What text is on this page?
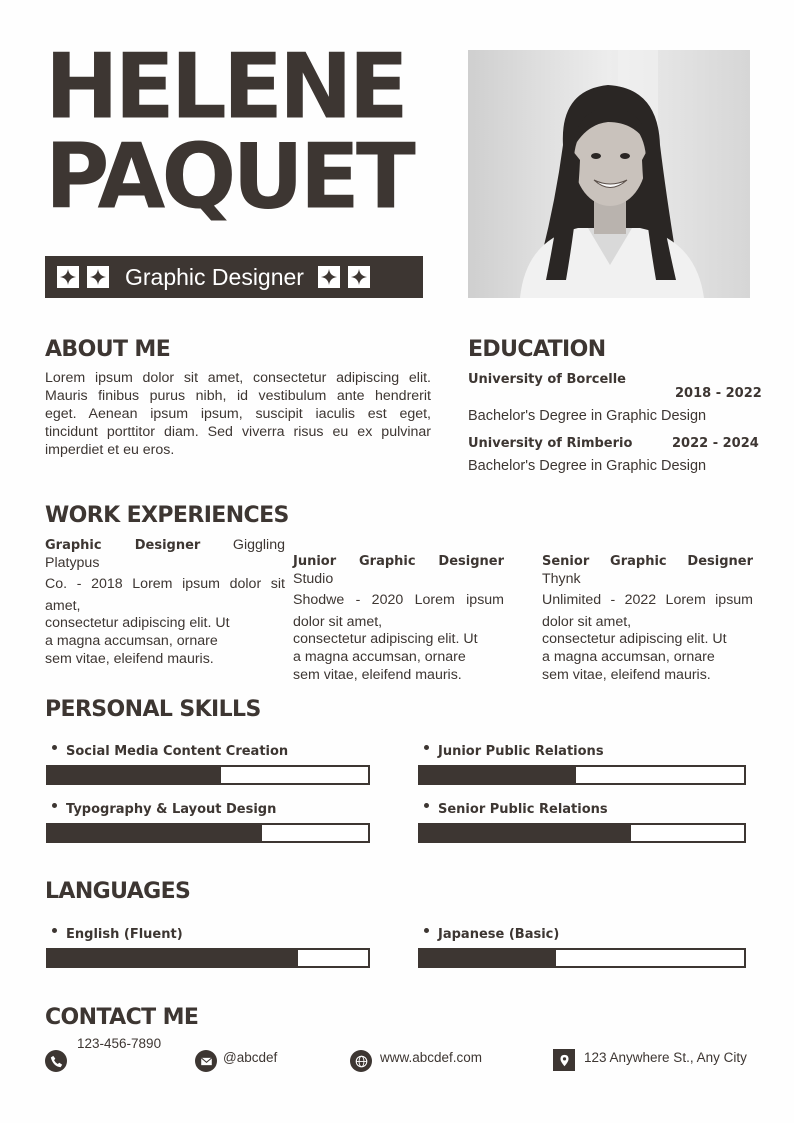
HELENE
PAQUET
Graphic Designer
ABOUT ME
Lorem ipsum dolor sit amet, consectetur adipiscing elit.
Mauris finibus purus nibh, id vestibulum ante hendrerit
eget. Aenean ipsum ipsum, suscipit iaculis est eget,
tincidunt porttitor diam. Sed viverra risus eu ex pulvinar
imperdiet et eu eros.
EDUCATION
University of Borcelle
2018 - 2022
Bachelor's Degree in Graphic Design
University of Rimberio	2022 - 2024
Bachelor's Degree in Graphic Design
WORK EXPERIENCES
Graphic Designer Giggling Platypus
Co. - 2018 Lorem ipsum dolor sit
amet,
consectetur adipiscing elit. Ut
a magna accumsan, ornare
sem vitae, eleifend mauris.
Junior Graphic Designer Studio
Shodwe - 2020 Lorem ipsum
dolor sit amet,
consectetur adipiscing elit. Ut
a magna accumsan, ornare
sem vitae, eleifend mauris.
Senior Graphic Designer Thynk
Unlimited - 2022 Lorem ipsum
dolor sit amet,
consectetur adipiscing elit. Ut
a magna accumsan, ornare
sem vitae, eleifend mauris.
PERSONAL SKILLS
Social Media Content Creation	Junior Public Relations
Typography & Layout Design	Senior Public Relations
LANGUAGES
English (Fluent)	Japanese (Basic)
CONTACT ME
123-456-7890
@abcdef	www.abcdef.com	123 Anywhere St., Any City
